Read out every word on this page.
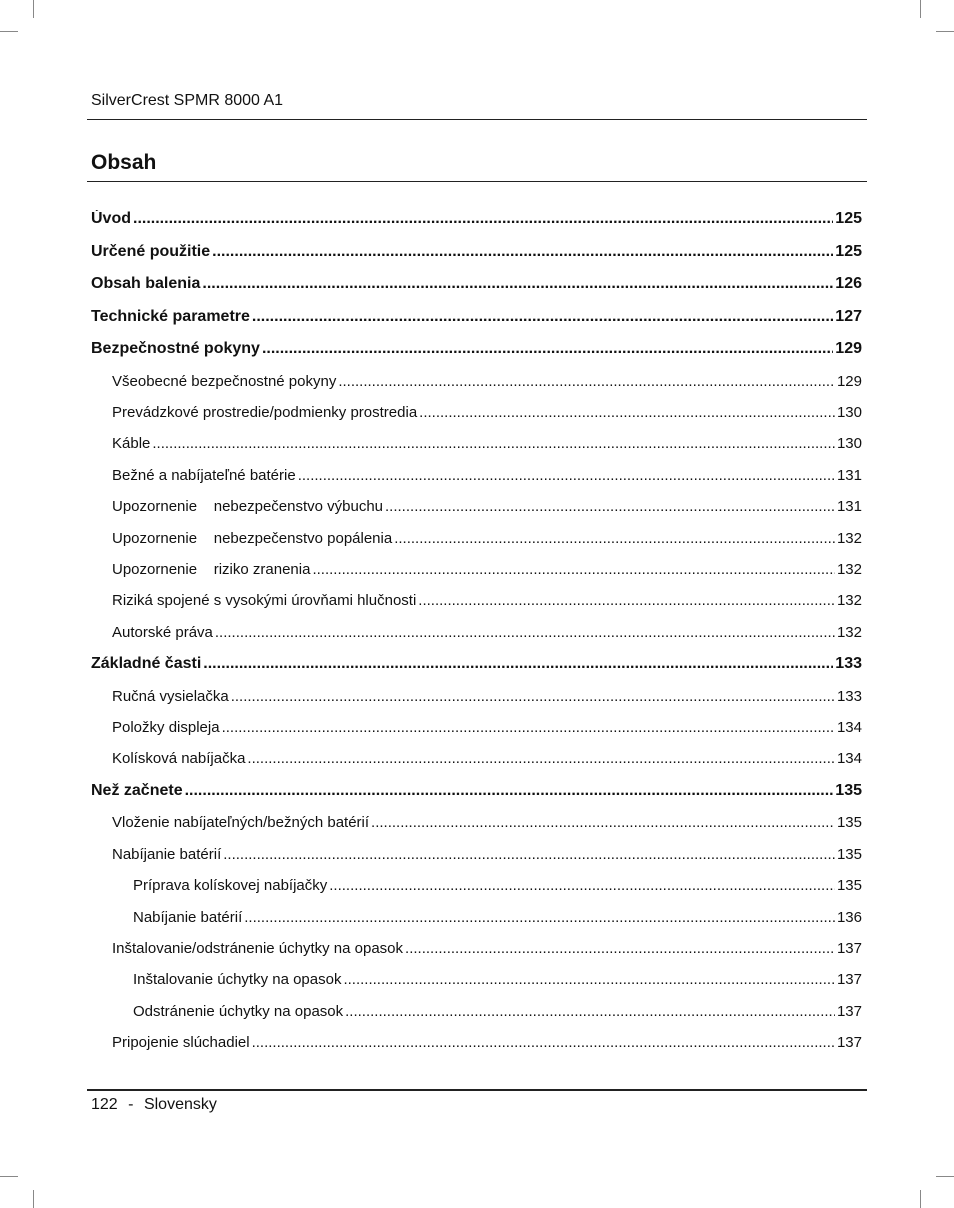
SilverCrest SPMR 8000 A1
Obsah
Úvod .....	125
Určené použitie .....	125
Obsah balenia .....	126
Technické parametre .....	127
Bezpečnostné pokyny .....	129
Všeobecné bezpečnostné pokyny .....	129
Prevádzkové prostredie/podmienky prostredia .....	130
Káble .....	130
Bežné a nabíjateľné batérie .....	131
Upozornenie    nebezpečenstvo výbuchu .....	131
Upozornenie    nebezpečenstvo popálenia .....	132
Upozornenie    riziko zranenia .....	132
Riziká spojené s vysokými úrovňami hlučnosti .....	132
Autorské práva .....	132
Základné časti .....	133
Ručná vysielačka .....	133
Položky displeja .....	134
Kolísková nabíjačka .....	134
Než začnete .....	135
Vloženie nabíjateľných/bežných batérií .....	135
Nabíjanie batérií .....	135
Príprava kolískovej nabíjačky .....	135
Nabíjanie batérií .....	136
Inštalovanie/odstránenie úchytky na opasok .....	137
Inštalovanie úchytky na opasok .....	137
Odstránenie úchytky na opasok .....	137
Pripojenie slúchadiel .....	137
122 - Slovensky
